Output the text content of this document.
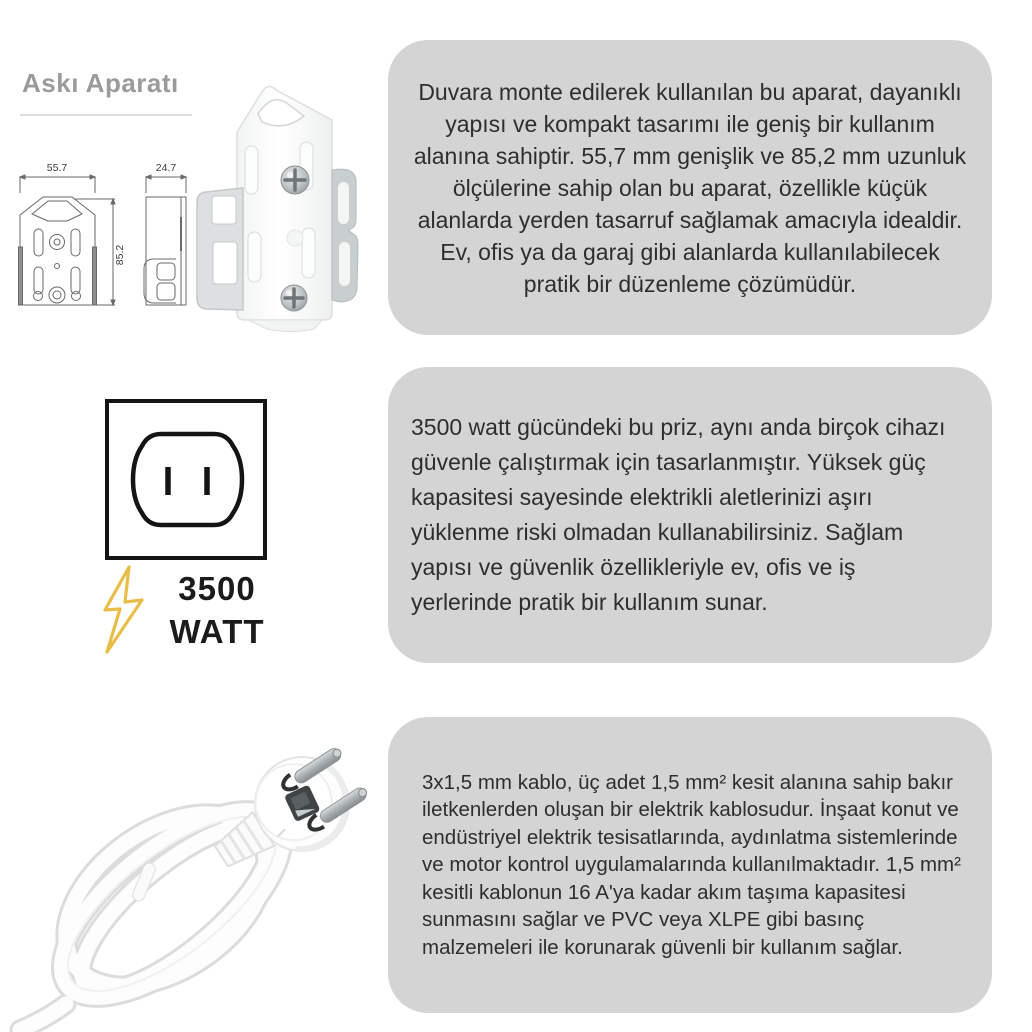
Askı Aparatı
55.7
85.2
24.7
Duvara monte edilerek kullanılan bu aparat, dayanıklı yapısı ve kompakt tasarımı ile geniş bir kullanım alanına sahiptir. 55,7 mm genişlik ve 85,2 mm uzunluk ölçülerine sahip olan bu aparat, özellikle küçük alanlarda yerden tasarruf sağlamak amacıyla idealdir. Ev, ofis ya da garaj gibi alanlarda kullanılabilecek pratik bir düzenleme çözümüdür.
3500
WATT
3500 watt gücündeki bu priz, aynı anda birçok cihazı güvenle çalıştırmak için tasarlanmıştır. Yüksek güç kapasitesi sayesinde elektrikli aletlerinizi aşırı yüklenme riski olmadan kullanabilirsiniz. Sağlam yapısı ve güvenlik özellikleriyle ev, ofis ve iş yerlerinde pratik bir kullanım sunar.
3x1,5 mm kablo, üç adet 1,5 mm² kesit alanına sahip bakır iletkenlerden oluşan bir elektrik kablosudur. İnşaat konut ve endüstriyel elektrik tesisatlarında, aydınlatma sistemlerinde ve motor kontrol uygulamalarında kullanılmaktadır. 1,5 mm² kesitli kablonun 16 A'ya kadar akım taşıma kapasitesi sunmasını sağlar ve PVC veya XLPE gibi basınç malzemeleri ile korunarak güvenli bir kullanım sağlar.
